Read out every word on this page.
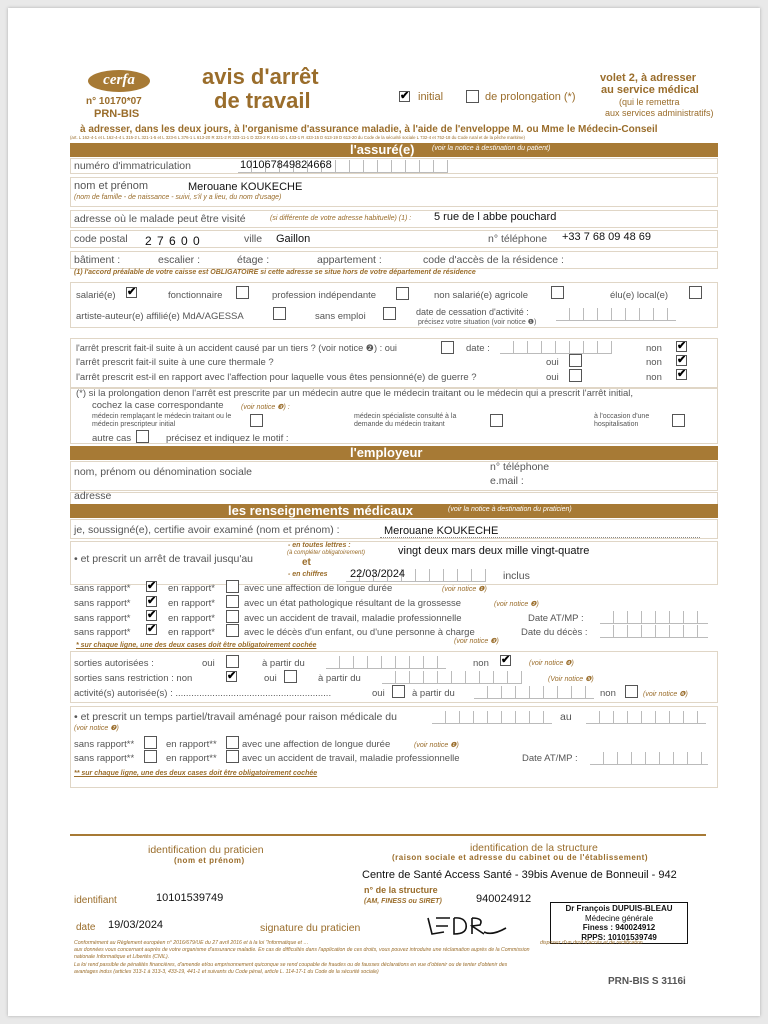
cerfa
n° 10170*07
PRN-BIS
avis d'arrêt
de travail	✔ initial	de prolongation (*)
volet 2, à adresser
au service médical
(qui le remettra
aux services administratifs)
à adresser, dans les deux jours, à l'organisme d'assurance maladie, à l'aide de l'enveloppe M. ou Mme le Médecin-Conseil
(art. L 162-4-1 et L 162-4-4 L 315-2 L 321-1-5 et L 323-6 L 376-1 L 613-20 R 321-2 R 323-11-1 D 323-2 R 441-10 L 433-1 R 433-15 D 613-19 D 613-20 du Code de la sécurité sociale L 732-4 et 752-18 du Code rural et de la pêche maritime)
l'assuré(e) (voir la notice à destination du patient)
numéro d'immatriculation	101067849824668
nom et prénom	Merouane KOUKECHE
(nom de famille - de naissance - suivi, s'il y a lieu, du nom d'usage)
adresse où le malade peut être visité	(si différente de votre adresse habituelle) (1) : 5 rue de l abbe pouchard
code postal 2 7 6 0 0	ville Gaillon	n° téléphone +33 7 68 09 48 69
bâtiment :	escalier :	étage :	appartement :	code d'accès de la résidence :
(1) l'accord préalable de votre caisse est OBLIGATOIRE si cette adresse se situe hors de votre département de résidence
salarié(e) ✔	fonctionnaire	profession indépendante	non salarié(e) agricole	élu(e) local(e)
artiste-auteur(e) affilié(e) MdA/AGESSA	sans emploi	date de cessation d'activité :
précisez votre situation (voir notice ❶)
l'arrêt prescrit fait-il suite à un accident causé par un tiers ? (voir notice ❷) : oui	date :	non ✔
l'arrêt prescrit fait-il suite à une cure thermale ?	oui	non ✔
l'arrêt prescrit est-il en rapport avec l'affection pour laquelle vous êtes pensionné(e) de guerre ?	oui	non ✔
(*) si la prolongation denon l'arrêt est prescrite par un médecin autre que le médecin traitant ou le médecin qui a prescrit l'arrêt initial,
cochez la case correspondante	(voir notice ❸) :
médecin remplaçant le médecin traitant ou le médecin prescripteur initial
médecin spécialiste consulté à la demande du médecin traitant
à l'occasion d'une hospitalisation
autre cas	précisez et indiquez le motif :
l'employeur
nom, prénom ou dénomination sociale	n° téléphone
e.mail :
adresse
les renseignements médicaux	(voir la notice à destination du praticien)
je, soussigné(e), certifie avoir examiné (nom et prénom) :	Merouane KOUKECHE
• et prescrit un arrêt de travail jusqu'au
- en toutes lettres :
(à compléter obligatoirement)
et
- en chiffres
vingt deux mars deux mille vingt-quatre
22/03/2024	inclus
sans rapport* ✔ en rapport*	avec une affection de longue durée	(voir notice ❶)
sans rapport* ✔ en rapport*	avec un état pathologique résultant de la grossesse	(voir notice ❷)
sans rapport* ✔ en rapport*	avec un accident de travail, maladie professionnelle	Date AT/MP :
sans rapport* ✔ en rapport*	avec le décès d'un enfant, ou d'une personne à charge	Date du décès :
(voir notice ❸)
* sur chaque ligne, une des deux cases doit être obligatoirement cochée
sorties autorisées :	oui	à partir du	non ✔	(voir notice ❹)
sorties sans restriction : non	✔	oui	à partir du	(Voir notice ❺)
activité(s) autorisée(s) : ...........................................................	oui	à partir du	non	(voir notice ❻)
• et prescrit un temps partiel/travail aménagé pour raison médicale du	au
(voir notice ❼)
sans rapport**	en rapport**	avec une affection de longue durée	(voir notice ❶)
sans rapport**	en rapport**	avec un accident de travail, maladie professionnelle	Date AT/MP :
** sur chaque ligne, une des deux cases doit être obligatoirement cochée
identification du praticien
(nom et prénom)
identification de la structure
(raison sociale et adresse du cabinet ou de l'établissement)
Centre de Santé Access Santé - 39bis Avenue de Bonneuil - 942
identifiant	10101539749
n° de la structure
(AM, FINESS ou SIRET)	940024912
date 19/03/2024	signature du praticien
Dr François DUPUIS-BLEAU
Médecine générale
Finess : 940024912
RPPS: 10101539749
Conformément au Règlement européen n° 2016/679/UE du 27 avril 2016 et à la loi "Informatique et …	disposez d'un droit d'accès et de rectification
aux données vous concernant auprès de votre organisme d'assurance maladie. En cas de difficultés dans l'application de ces droits, vous pouvez introduire une réclamation auprès de la Commission
nationale Informatique et Libertés (CNIL).
La loi rend passible de pénalités financières, d'amende et/ou emprisonnement quiconque se rend coupable de fraudes ou de fausses déclarations en vue d'obtenir ou de tenter d'obtenir des
avantages indus (articles 313-1 à 313-3, 433-19, 441-1 et suivants du Code pénal, article L. 114-17-1 du Code de la sécurité sociale)
PRN-BIS S 3116i
